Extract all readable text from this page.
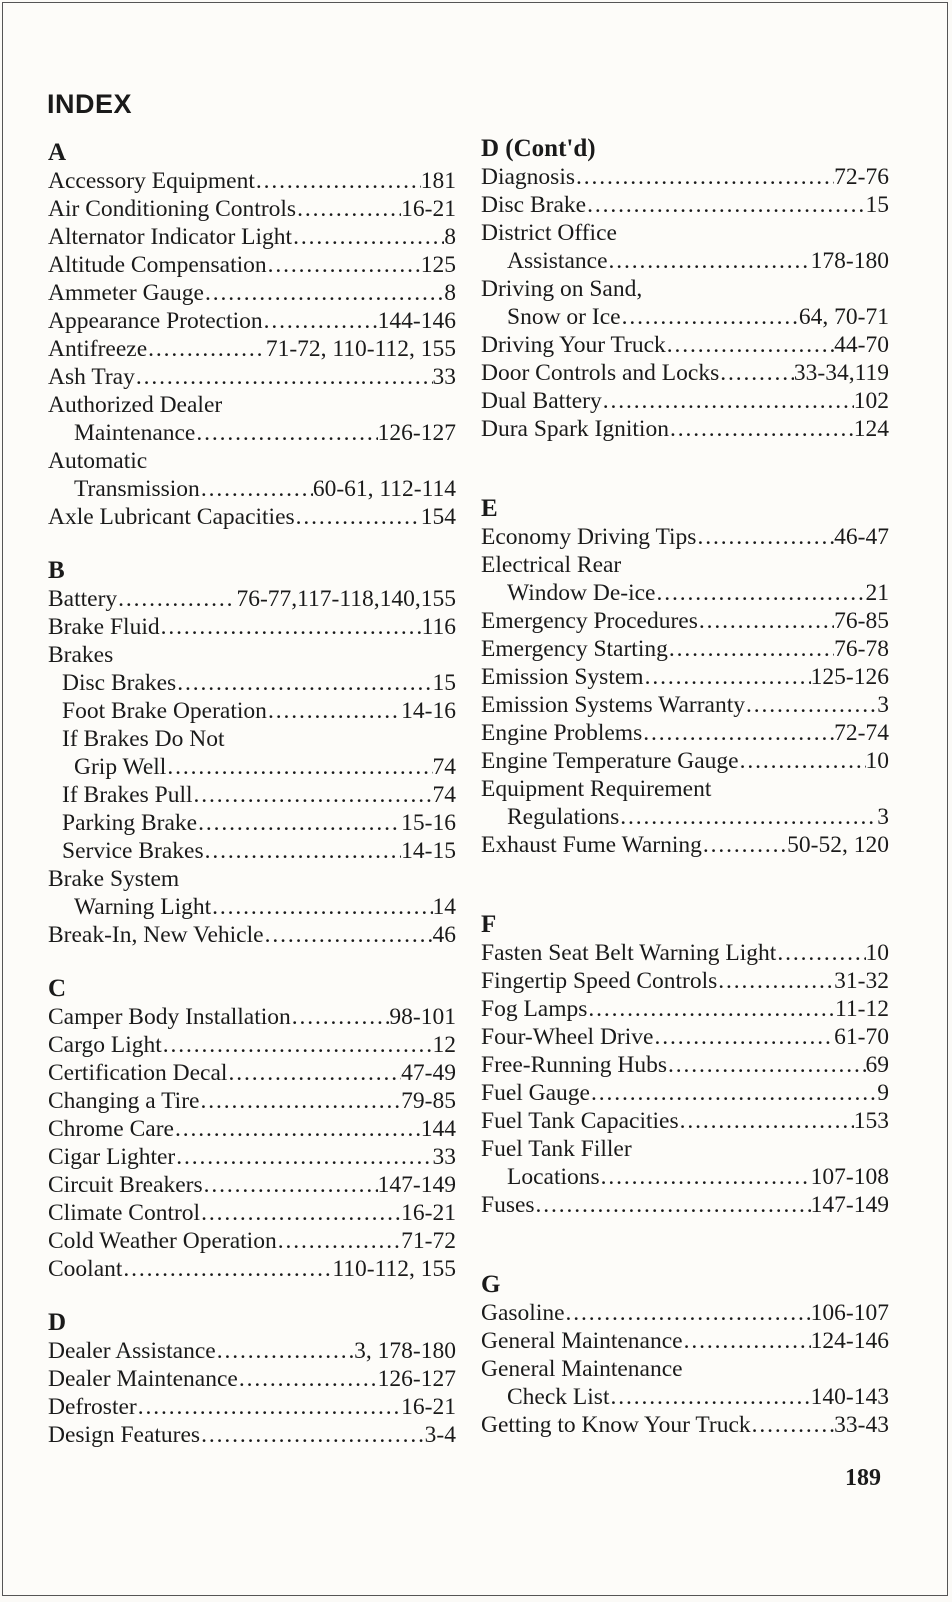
INDEX
A
Accessory Equipment . . .	181
Air Conditioning Controls . . .	16-21
Alternator Indicator Light . . .	8
Altitude Compensation . . .	125
Ammeter Gauge . . .	8
Appearance Protection . . .	144-146
Antifreeze . . .	71-72, 110-112, 155
Ash Tray . . .	33
Authorized Dealer
Maintenance . . .	126-127
Automatic
Transmission . . .	60-61, 112-114
Axle Lubricant Capacities . . .	154
B
Battery . . .	76-77,117-118,140,155
Brake Fluid . . .	116
Brakes
Disc Brakes . . .	15
Foot Brake Operation . . .	14-16
If Brakes Do Not
Grip Well . . .	74
If Brakes Pull . . .	74
Parking Brake . . .	15-16
Service Brakes . . .	14-15
Brake System
Warning Light . . .	14
Break-In, New Vehicle . . .	46
C
Camper Body Installation . . .	98-101
Cargo Light . . .	12
Certification Decal . . .	47-49
Changing a Tire . . .	79-85
Chrome Care . . .	144
Cigar Lighter . . .	33
Circuit Breakers . . .	147-149
Climate Control . . .	16-21
Cold Weather Operation . . .	71-72
Coolant . . .	110-112, 155
D
Dealer Assistance . . .	3, 178-180
Dealer Maintenance . . .	126-127
Defroster . . .	16-21
Design Features . . .	3-4
D (Cont'd)
Diagnosis . . .	72-76
Disc Brake . . .	15
District Office
Assistance . . .	178-180
Driving on Sand,
Snow or Ice . . .	64, 70-71
Driving Your Truck . . .	44-70
Door Controls and Locks . . .	33-34,119
Dual Battery . . .	102
Dura Spark Ignition . . .	124
E
Economy Driving Tips . . .	46-47
Electrical Rear
Window De-ice . . .	21
Emergency Procedures . . .	76-85
Emergency Starting . . .	76-78
Emission System . . .	125-126
Emission Systems Warranty . . .	3
Engine Problems . . .	72-74
Engine Temperature Gauge . . .	10
Equipment Requirement
Regulations . . .	3
Exhaust Fume Warning . . .	50-52, 120
F
Fasten Seat Belt Warning Light . . .	10
Fingertip Speed Controls . . .	31-32
Fog Lamps . . .	11-12
Four-Wheel Drive . . .	61-70
Free-Running Hubs . . .	69
Fuel Gauge . . .	9
Fuel Tank Capacities . . .	153
Fuel Tank Filler
Locations . . .	107-108
Fuses . . .	147-149
G
Gasoline . . .	106-107
General Maintenance . . .	124-146
General Maintenance
Check List . . .	140-143
Getting to Know Your Truck . . .	33-43
189
